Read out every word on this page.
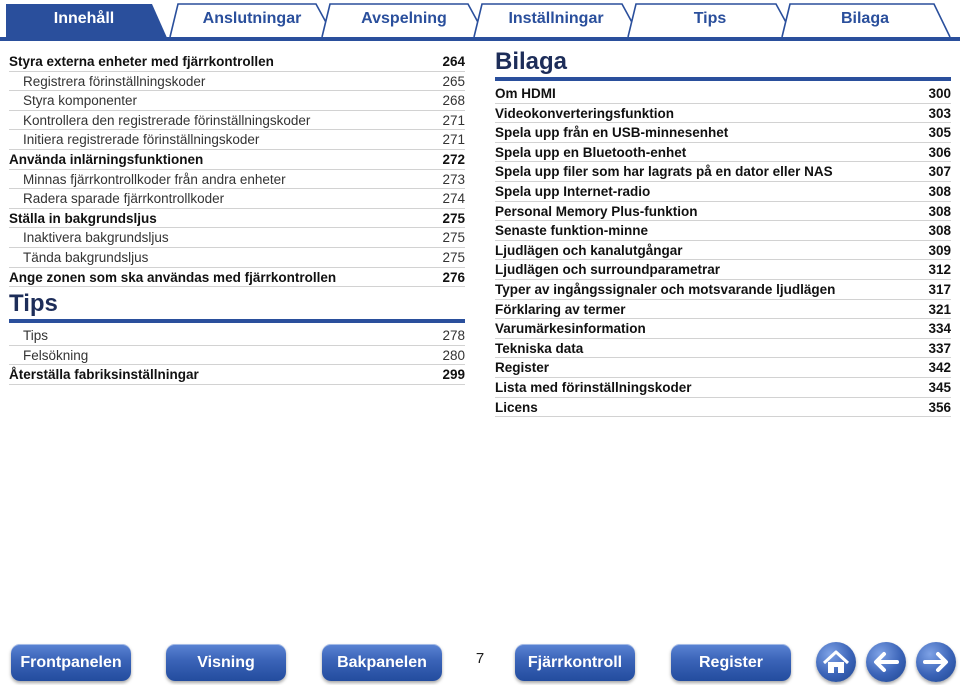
Innehåll	Anslutningar	Avspelning	Inställningar	Tips	Bilaga
Styra externa enheter med fjärrkontrollen	264
Registrera förinställningskoder	265
Styra komponenter	268
Kontrollera den registrerade förinställningskoder	271
Initiera registrerade förinställningskoder	271
Använda inlärningsfunktionen	272
Minnas fjärrkontrollkoder från andra enheter	273
Radera sparade fjärrkontrollkoder	274
Ställa in bakgrundsljus	275
Inaktivera bakgrundsljus	275
Tända bakgrundsljus	275
Ange zonen som ska användas med fjärrkontrollen	276
Tips
Tips	278
Felsökning	280
Återställa fabriksinställningar	299
Bilaga
Om HDMI	300
Videokonverteringsfunktion	303
Spela upp från en USB-minnesenhet	305
Spela upp en Bluetooth-enhet	306
Spela upp filer som har lagrats på en dator eller NAS	307
Spela upp Internet-radio	308
Personal Memory Plus-funktion	308
Senaste funktion-minne	308
Ljudlägen och kanalutgångar	309
Ljudlägen och surroundparametrar	312
Typer av ingångssignaler och motsvarande ljudlägen	317
Förklaring av termer	321
Varumärkesinformation	334
Tekniska data	337
Register	342
Lista med förinställningskoder	345
Licens	356
Frontpanelen	Visning	Bakpanelen	7	Fjärrkontroll	Register
